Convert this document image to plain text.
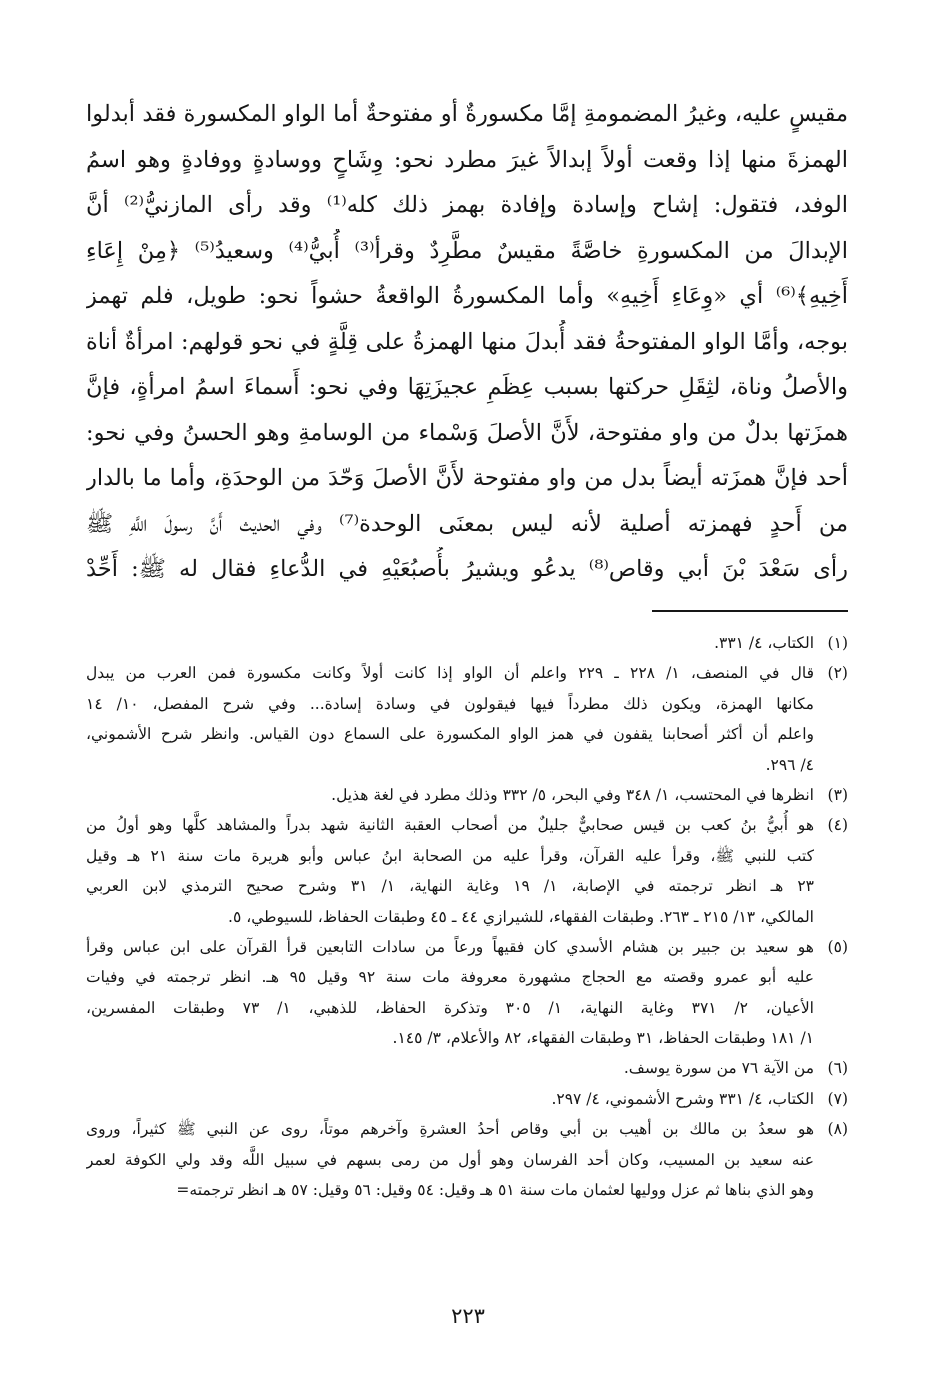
مقيسٍ عليه، وغيرُ المضمومةِ إمَّا مكسورةٌ أو مفتوحةٌ أما الواو المكسورة فقد أبدلوا
الهمزةَ منها إذا وقعت أولاً إبدالاً غيرَ مطرد نحو: وِشَاحٍ ووسادةٍ ووفادةٍ وهو اسمُ
الوفد، فتقول: إشاح وإسادة وإفادة بهمز ذلك كله⁽¹⁾ وقد رأى المازنيُّ⁽²⁾ أنَّ
الإبدالَ من المكسورةِ خاصَّةً مقيسٌ مطَّرِدٌ وقرأ⁽³⁾ أُبيُّ⁽⁴⁾ وسعيدُ⁽⁵⁾ ﴿مِنْ إِعَاءِ
أَخِيهِ﴾⁽⁶⁾ أي «وِعَاءِ أَخِيهِ» وأما المكسورةُ الواقعةُ حشواً نحو: طويل، فلم تهمز
بوجه، وأمَّا الواو المفتوحةُ فقد أُبدلَ منها الهمزةُ على قِلَّةٍ في نحو قولهم: امرأةٌ أناة
والأصلُ وناة، لثِقَلِ حركتها بسبب عِظَمِ عجيزَتِهَا وفي نحو: أَسماءَ اسمُ امرأةٍ، فإنَّ
همزَتها بدلٌ من واو مفتوحة، لأَنَّ الأصلَ وَسْماء من الوسامةِ وهو الحسنُ وفي نحو:
أحد فإنَّ همزَته أيضاً بدل من واو مفتوحة لأَنَّ الأصلَ وَحّدَ من الوحدَةِ، وأما ما بالدار
من أَحدٍ فهمزته أصلية لأنه ليس بمعنَى الوحدة⁽⁷⁾ وفي الحديث أَنَّ رسولَ اللَّهِ ﷺ
رأى سَعْدَ بْنَ أبي وقاص⁽⁸⁾ يدعُو ويشيرُ بأُصبُعَيْهِ في الدُّعاءِ فقال له ﷺ: أَحِّدْ
(١)الكتاب، ٤/ ٣٣١.
(٢)قال في المنصف، ١/ ٢٢٨ ـ ٢٢٩ واعلم أن الواو إذا كانت أولاً وكانت مكسورة فمن العرب من يبدل
مكانها الهمزة، ويكون ذلك مطرداً فيها فيقولون في وسادة إسادة... وفي شرح المفصل، ١٠/ ١٤
واعلم أن أكثر أصحابنا يقفون في همز الواو المكسورة على السماع دون القياس. وانظر شرح الأشموني،
٤/ ٢٩٦.
(٣)انظرها في المحتسب، ١/ ٣٤٨ وفي البحر، ٥/ ٣٣٢ وذلك مطرد في لغة هذيل.
(٤)هو أُبيُّ بنُ كعب بن قيس صحابيٌّ جليلٌ من أصحاب العقبة الثانية شهد بدراً والمشاهد كلَّها وهو أولُ من
كتب للنبي ﷺ، وقرأ عليه القرآن، وقرأ عليه من الصحابة ابنُ عباس وأبو هريرة مات سنة ٢١ هـ وقيل
٢٣ هـ انظر ترجمته في الإصابة، ١/ ١٩ وغاية النهاية، ١/ ٣١ وشرح صحيح الترمذي لابن العربي
المالكي، ١٣/ ٢١٥ ـ ٢٦٣. وطبقات الفقهاء، للشيرازي ٤٤ ـ ٤٥ وطبقات الحفاظ، للسيوطي، ٥.
(٥)هو سعيد بن جبير بن هشام الأسدي كان فقيهاً ورعاً من سادات التابعين قرأ القرآن على ابن عباس وقرأ
عليه أبو عمرو وقصته مع الحجاج مشهورة معروفة مات سنة ٩٢ وقيل ٩٥ هـ. انظر ترجمته في وفيات
الأعيان، ٢/ ٣٧١ وغاية النهاية، ١/ ٣٠٥ وتذكرة الحفاظ، للذهبي، ١/ ٧٣ وطبقات المفسرين،
١/ ١٨١ وطبقات الحفاظ، ٣١ وطبقات الفقهاء، ٨٢ والأعلام، ٣/ ١٤٥.
(٦)من الآية ٧٦ من سورة يوسف.
(٧)الكتاب، ٤/ ٣٣١ وشرح الأشموني، ٤/ ٢٩٧.
(٨)هو سعدُ بن مالك بن أهيب بن أبي وقاص أحدُ العشرةِ وآخرهم موتاً، روى عن النبي ﷺ كثيراً، وروى
عنه سعيد بن المسيب، وكان أحد الفرسان وهو أول من رمى بسهم في سبيل اللَّه وقد ولي الكوفة لعمر
وهو الذي بناها ثم عزل ووليها لعثمان مات سنة ٥١ هـ وقيل: ٥٤ وقيل: ٥٦ وقيل: ٥٧ هـ انظر ترجمته=
٢٢٣
